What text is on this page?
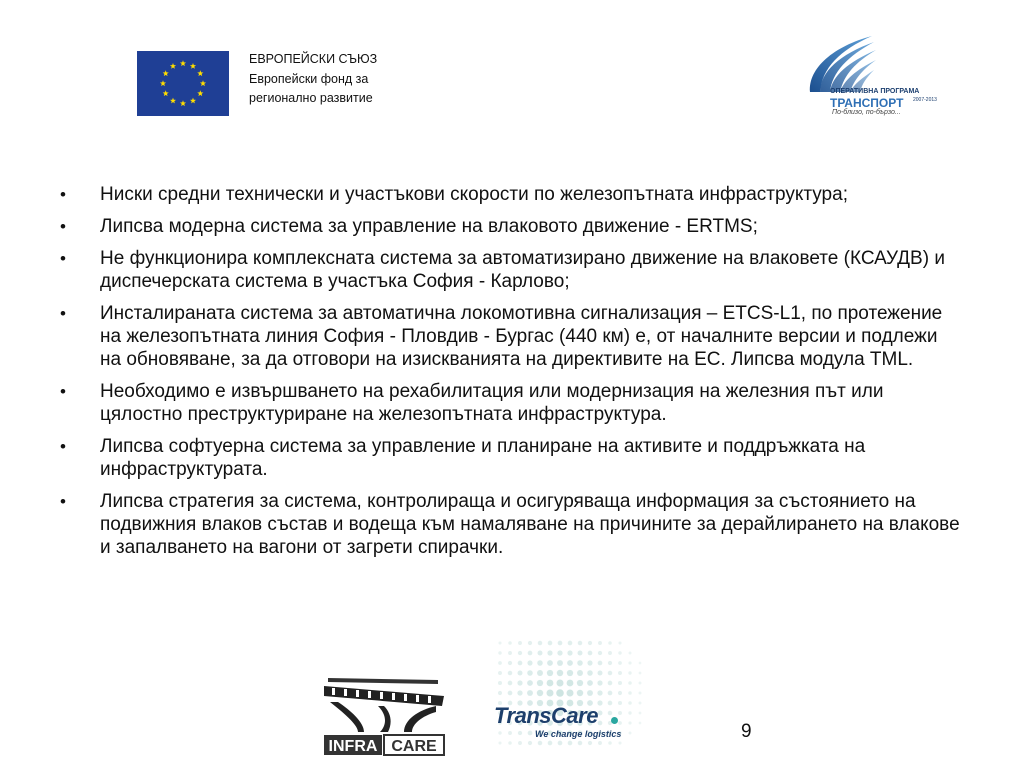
ЕВРОПЕЙСКИ СЪЮЗ
Европейски фонд за
регионално развитие	ОПЕРАТИВНА ПРОГРАМА
ТРАНСПОРТ 2007-2013
По-близо, по-бързо...
• Ниски средни технически и участъкови скорости по железопътната инфраструктура;
• Липсва модерна система за управление на влаковото движение - ERTMS;
• Не функционира комплексната система за автоматизирано движение на влаковете (КСАУДВ) и диспечерската система в участъка София - Карлово;
• Инсталираната система за автоматична локомотивна сигнализация – ETCS-L1, по протежение на железопътната линия София - Пловдив - Бургас (440 км) е, от началните версии и подлежи на обновяване, за да отговори на изискванията на директивите на ЕС. Липсва модула TML.
• Необходимо е извършването на рехабилитация или модернизация на железния път или цялостно преструктуриране на железопътната инфраструктура.
• Липсва софтуерна система за управление и планиране на активите и поддръжката на инфраструктурата.
• Липсва стратегия за система, контролираща и осигуряваща информация за състоянието на подвижния влаков състав и водеща към намаляване на причините за дерайлирането на влакове и запалването на вагони от загрети спирачки.
INFRA CARE
TransCare
We change logistics	9
